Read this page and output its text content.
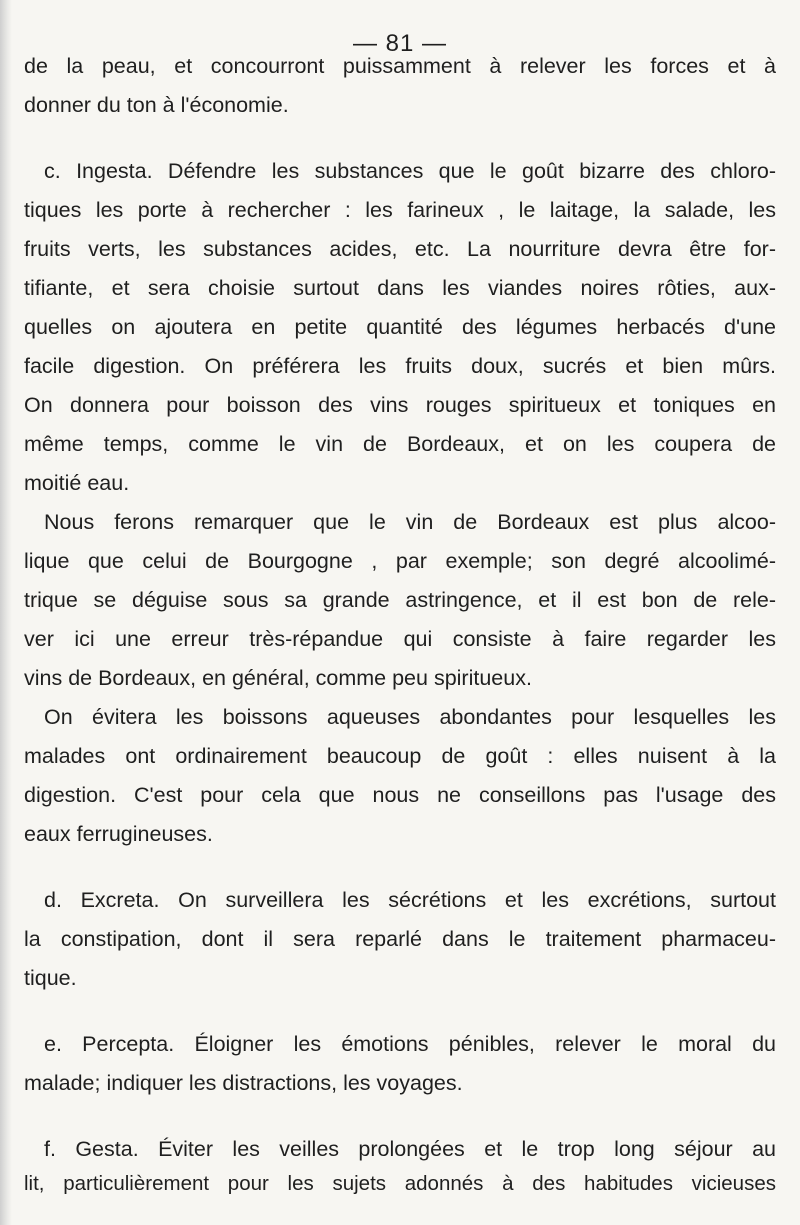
— 81 —
de la peau, et concourront puissamment à relever les forces et à
donner du ton à l'économie.
c. Ingesta. Défendre les substances que le goût bizarre des chloro-
tiques les porte à rechercher : les farineux , le laitage, la salade, les
fruits verts, les substances acides, etc. La nourriture devra être for-
tifiante, et sera choisie surtout dans les viandes noires rôties, aux-
quelles on ajoutera en petite quantité des légumes herbacés d'une
facile digestion. On préférera les fruits doux, sucrés et bien mûrs.
On donnera pour boisson des vins rouges spiritueux et toniques en
même temps, comme le vin de Bordeaux, et on les coupera de
moitié eau.
Nous ferons remarquer que le vin de Bordeaux est plus alcoo-
lique que celui de Bourgogne , par exemple; son degré alcoolimé-
trique se déguise sous sa grande astringence, et il est bon de rele-
ver ici une erreur très-répandue qui consiste à faire regarder les
vins de Bordeaux, en général, comme peu spiritueux.
On évitera les boissons aqueuses abondantes pour lesquelles les
malades ont ordinairement beaucoup de goût : elles nuisent à la
digestion. C'est pour cela que nous ne conseillons pas l'usage des
eaux ferrugineuses.
d. Excreta. On surveillera les sécrétions et les excrétions, surtout
la constipation, dont il sera reparlé dans le traitement pharmaceu-
tique.
e. Percepta. Éloigner les émotions pénibles, relever le moral du
malade; indiquer les distractions, les voyages.
f. Gesta. Éviter les veilles prolongées et le trop long séjour au
lit, particulièrement pour les sujets adonnés à des habitudes vicieuses
